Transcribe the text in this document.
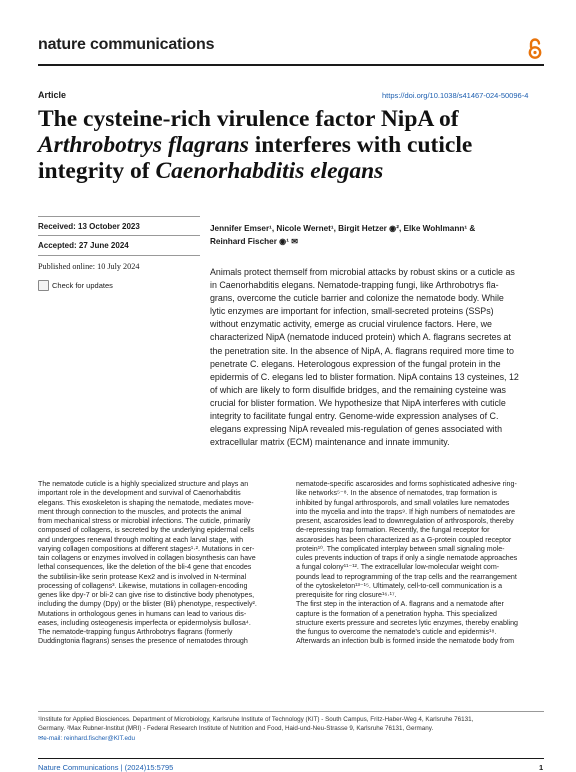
nature communications
Article	https://doi.org/10.1038/s41467-024-50096-4
The cysteine-rich virulence factor NipA of
Arthrobotrys flagrans interferes with cuticle
integrity of Caenorhabditis elegans
Received: 13 October 2023
Accepted: 27 June 2024
Published online: 10 July 2024
Check for updates
Jennifer Emser¹, Nicole Wernet¹, Birgit Hetzer ◉², Elke Wohlmann¹ &
Reinhard Fischer ◉¹ ✉
Animals protect themself from microbial attacks by robust skins or a cuticle as
in Caenorhabditis elegans. Nematode-trapping fungi, like Arthrobotrys fla-
grans, overcome the cuticle barrier and colonize the nematode body. While
lytic enzymes are important for infection, small-secreted proteins (SSPs)
without enzymatic activity, emerge as crucial virulence factors. Here, we
characterized NipA (nematode induced protein) which A. flagrans secretes at
the penetration site. In the absence of NipA, A. flagrans required more time to
penetrate C. elegans. Heterologous expression of the fungal protein in the
epidermis of C. elegans led to blister formation. NipA contains 13 cysteines, 12
of which are likely to form disulfide bridges, and the remaining cysteine was
crucial for blister formation. We hypothesize that NipA interferes with cuticle
integrity to facilitate fungal entry. Genome-wide expression analyses of C.
elegans expressing NipA revealed mis-regulation of genes associated with
extracellular matrix (ECM) maintenance and innate immunity.
The nematode cuticle is a highly specialized structure and plays an
important role in the development and survival of Caenorhabditis
elegans. This exoskeleton is shaping the nematode, mediates move-
ment through connection to the muscles, and protects the animal
from mechanical stress or microbial infections. The cuticle, primarily
composed of collagens, is secreted by the underlying epidermal cells
and undergoes renewal through molting at each larval stage, with
varying collagen compositions at different stages¹·². Mutations in cer-
tain collagens or enzymes involved in collagen biosynthesis can have
lethal consequences, like the deletion of the bli-4 gene that encodes
the subtilisin-like serin protease Kex2 and is involved in N-terminal
processing of collagens³. Likewise, mutations in collagen-encoding
genes like dpy-7 or bli-2 can give rise to distinctive body phenotypes,
including the dumpy (Dpy) or the blister (Bli) phenotype, respectively².
Mutations in orthologous genes in humans can lead to various dis-
eases, including osteogenesis imperfecta or epidermolysis bullosa⁴.
The nematode-trapping fungus Arthrobotrys flagrans (formerly
Duddingtonia flagrans) senses the presence of nematodes through
nematode-specific ascarosides and forms sophisticated adhesive ring-
like networks⁵⁻⁸. In the absence of nematodes, trap formation is
inhibited by fungal arthrosporols, and small volatiles lure nematodes
into the mycelia and into the traps⁹. If high numbers of nematodes are
present, ascarosides lead to downregulation of arthrosporols, thereby
de-repressing trap formation. Recently, the fungal receptor for
ascarosides has been characterized as a G-protein coupled receptor
protein¹⁰. The complicated interplay between small signaling mole-
cules prevents induction of traps if only a single nematode approaches
a fungal colony¹¹⁻¹². The extracellular low-molecular weight com-
pounds lead to reprogramming of the trap cells and the rearrangement
of the cytoskeleton¹³⁻¹⁵. Ultimately, cell-to-cell communication is a
prerequisite for ring closure¹⁶·¹⁷.
The first step in the interaction of A. flagrans and a nematode after
capture is the formation of a penetration hypha. This specialized
structure exerts pressure and secretes lytic enzymes, thereby enabling
the fungus to overcome the nematode's cuticle and epidermis¹⁸.
Afterwards an infection bulb is formed inside the nematode body from
¹Institute for Applied Biosciences. Department of Microbiology, Karlsruhe Institute of Technology (KIT) - South Campus, Fritz-Haber-Weg 4, Karlsruhe 76131,
Germany. ²Max Rubner-Institut (MRI) - Federal Research Institute of Nutrition and Food, Haid-und-Neu-Strasse 9, Karlsruhe 76131, Germany.
✉e-mail: reinhard.fischer@KIT.edu
Nature Communications | (2024)15:5795	1
